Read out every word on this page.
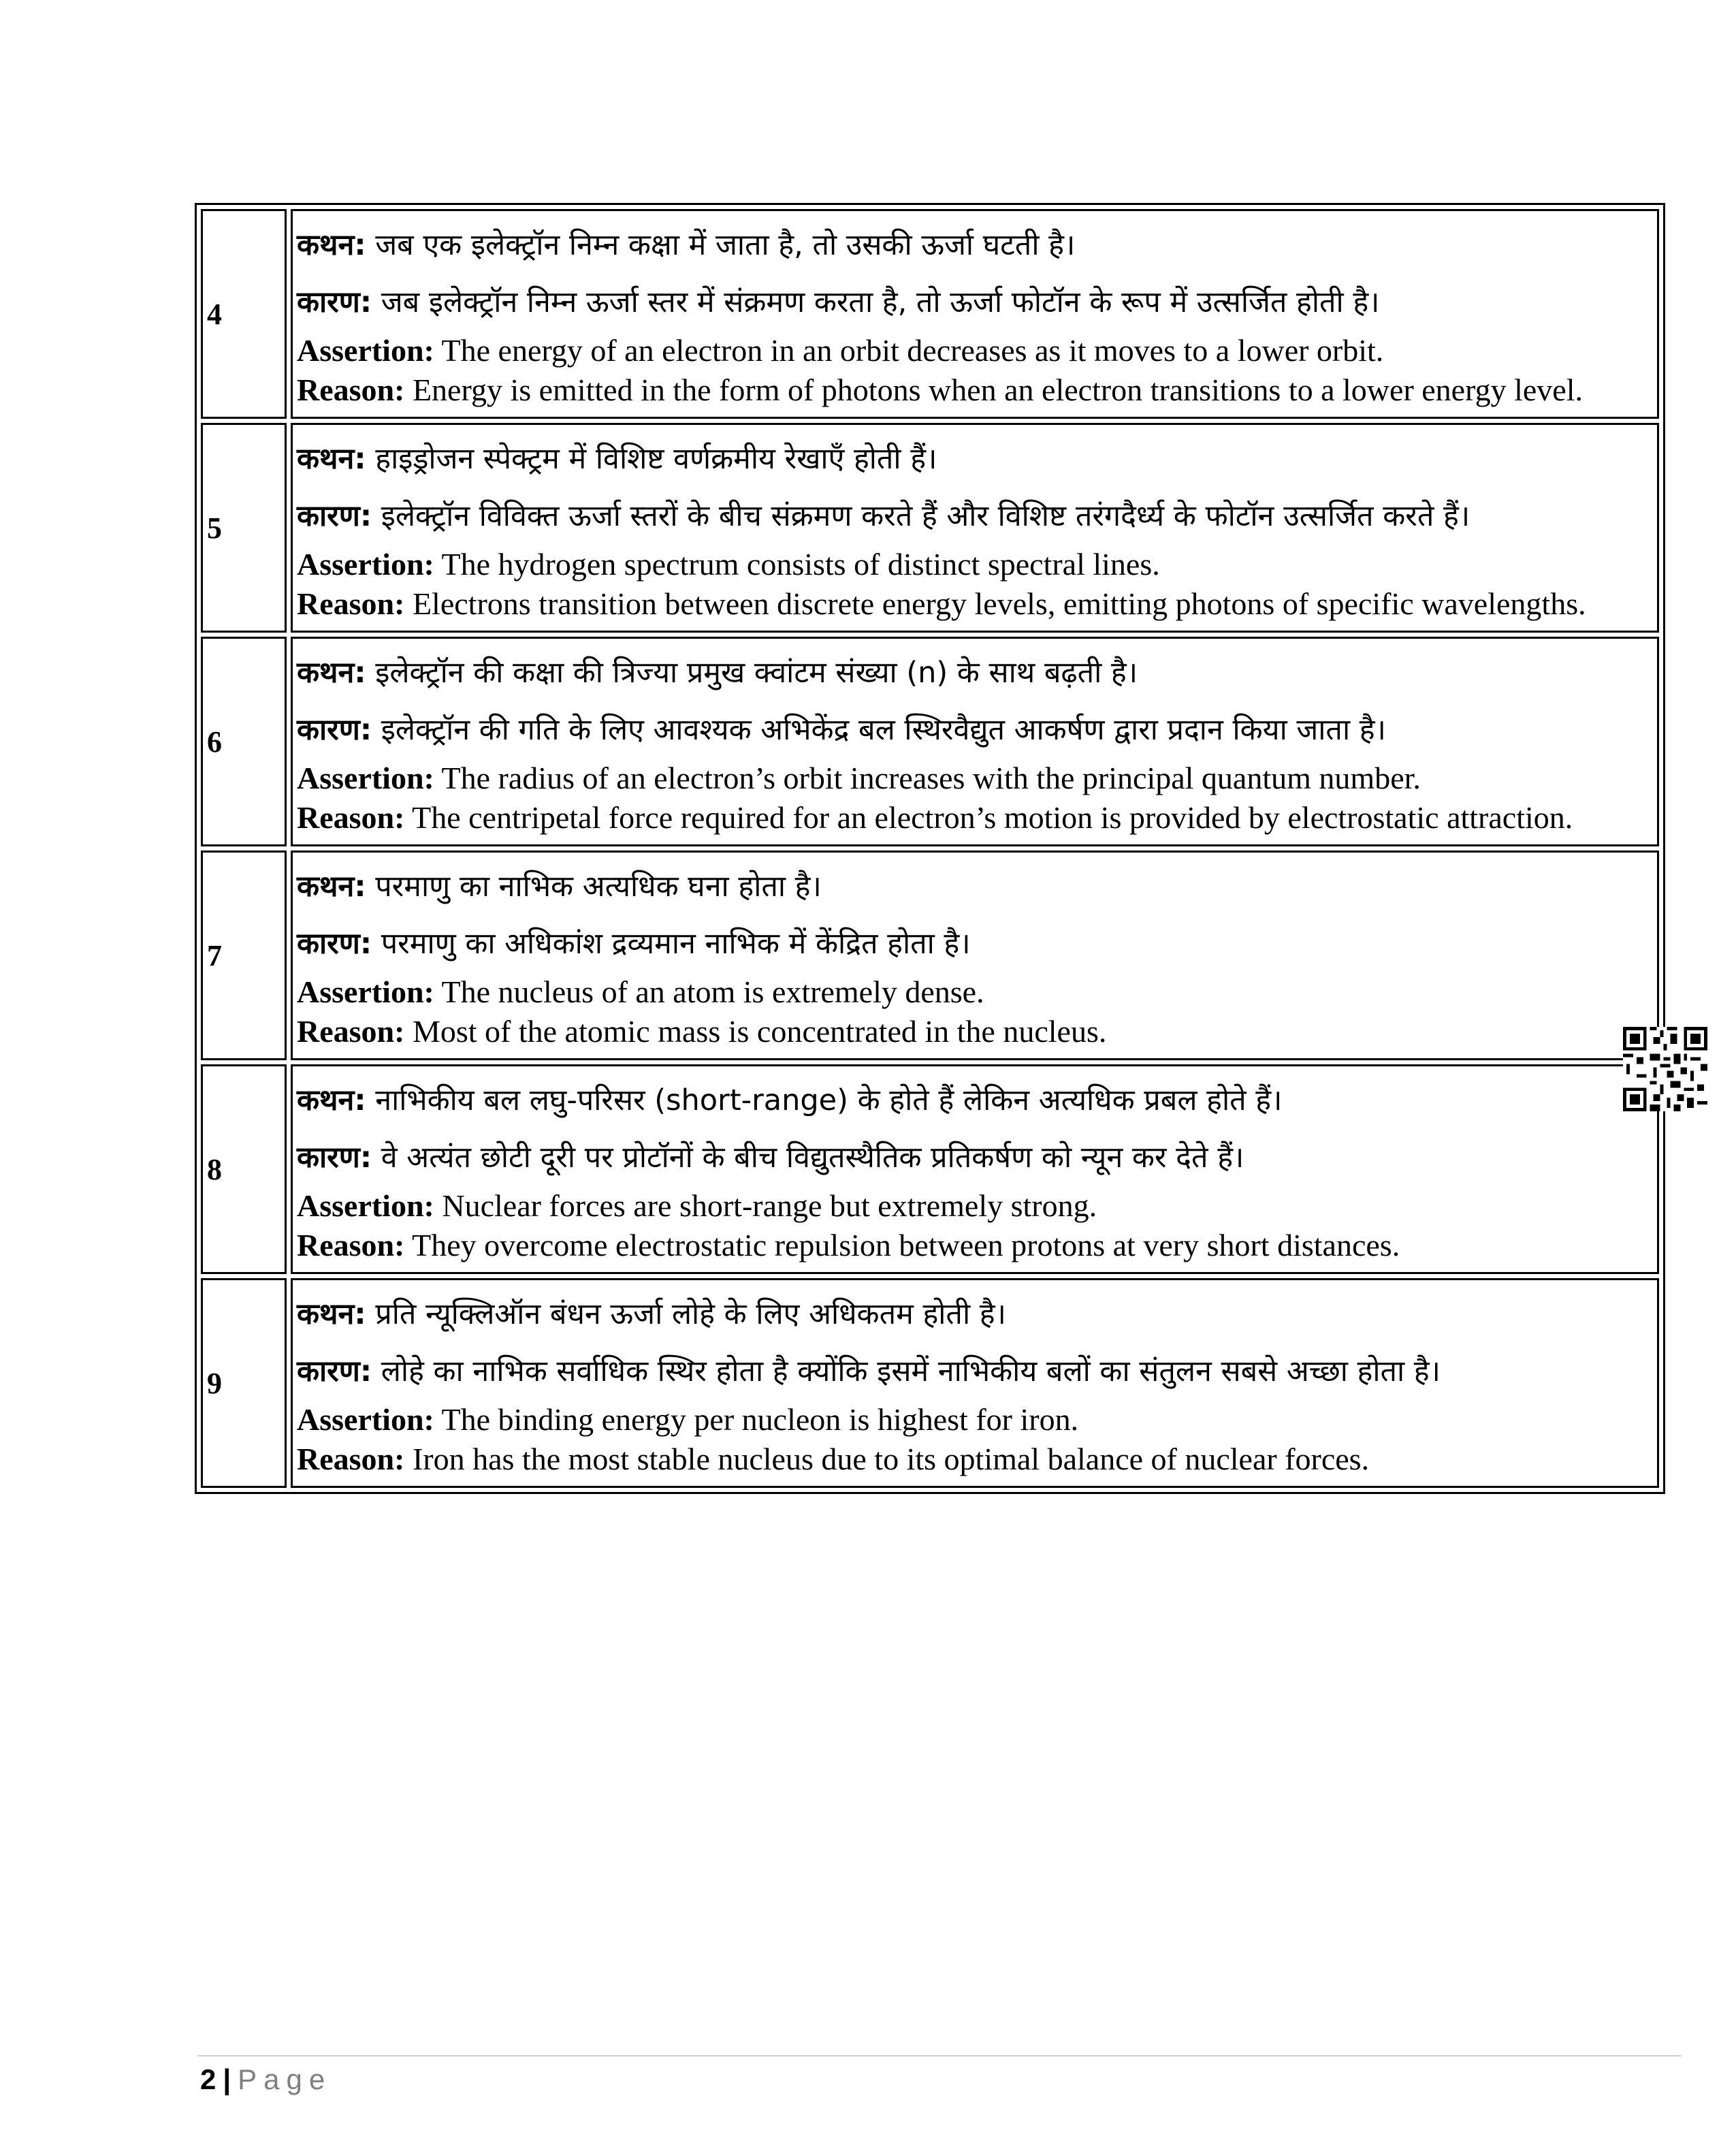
4	कथन: जब एक इलेक्ट्रॉन निम्न कक्षा में जाता है, तो उसकी ऊर्जा घटती है।

कारण: जब इलेक्ट्रॉन निम्न ऊर्जा स्तर में संक्रमण करता है, तो ऊर्जा फोटॉन के रूप में उत्सर्जित होती है।

Assertion: The energy of an electron in an orbit decreases as it moves to a lower orbit.

Reason: Energy is emitted in the form of photons when an electron transitions to a lower energy level.

5	कथन: हाइड्रोजन स्पेक्ट्रम में विशिष्ट वर्णक्रमीय रेखाएँ होती हैं।

कारण: इलेक्ट्रॉन विविक्त ऊर्जा स्तरों के बीच संक्रमण करते हैं और विशिष्ट तरंगदैर्ध्य के फोटॉन उत्सर्जित करते हैं।

Assertion: The hydrogen spectrum consists of distinct spectral lines.

Reason: Electrons transition between discrete energy levels, emitting photons of specific wavelengths.

6	कथन: इलेक्ट्रॉन की कक्षा की त्रिज्या प्रमुख क्वांटम संख्या (n) के साथ बढ़ती है।

कारण: इलेक्ट्रॉन की गति के लिए आवश्यक अभिकेंद्र बल स्थिरवैद्युत आकर्षण द्वारा प्रदान किया जाता है।

Assertion: The radius of an electron’s orbit increases with the principal quantum number.

Reason: The centripetal force required for an electron’s motion is provided by electrostatic attraction.

7	कथन: परमाणु का नाभिक अत्यधिक घना होता है।

कारण: परमाणु का अधिकांश द्रव्यमान नाभिक में केंद्रित होता है।

Assertion: The nucleus of an atom is extremely dense.

Reason: Most of the atomic mass is concentrated in the nucleus.

8	कथन: नाभिकीय बल लघु-परिसर (short-range) के होते हैं लेकिन अत्यधिक प्रबल होते हैं।

कारण: वे अत्यंत छोटी दूरी पर प्रोटॉनों के बीच विद्युतस्थैतिक प्रतिकर्षण को न्यून कर देते हैं।

Assertion: Nuclear forces are short-range but extremely strong.

Reason: They overcome electrostatic repulsion between protons at very short distances.

9	कथन: प्रति न्यूक्लिऑन बंधन ऊर्जा लोहे के लिए अधिकतम होती है।

कारण: लोहे का नाभिक सर्वाधिक स्थिर होता है क्योंकि इसमें नाभिकीय बलों का संतुलन सबसे अच्छा होता है।

Assertion: The binding energy per nucleon is highest for iron.

Reason: Iron has the most stable nucleus due to its optimal balance of nuclear forces.

2 | Page
